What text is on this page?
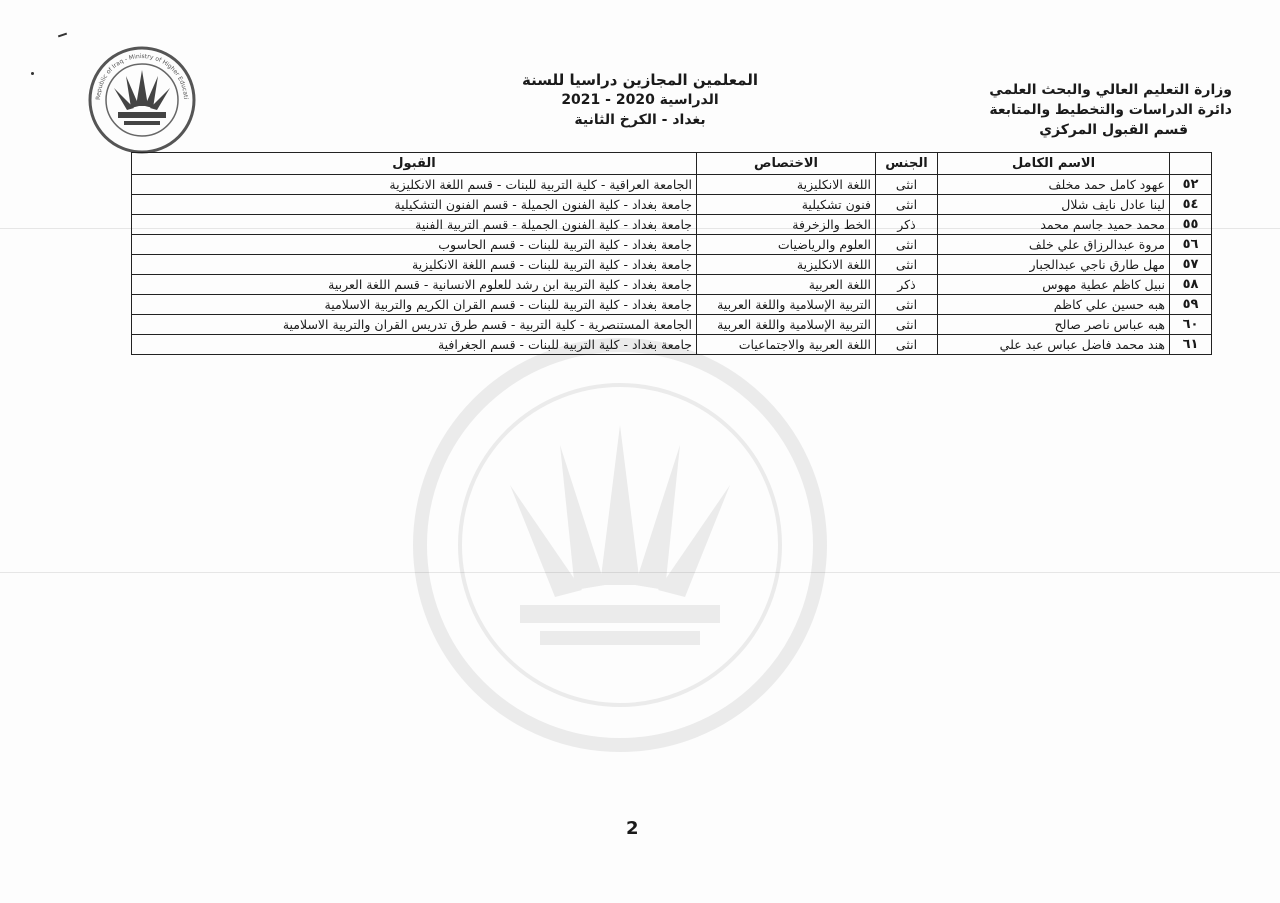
Republic of Iraq - Ministry of Higher Educati
وزارة التعليم العالي والبحث العلمي
دائرة الدراسات والتخطيط والمتابعة
قسم القبول المركزي
المعلمين المجازين دراسيا للسنة
الدراسية 2020 - 2021
بغداد - الكرخ الثانية
	الاسم الكامل	الجنس	الاختصاص	القبول
٥٢	عهود كامل حمد مخلف	انثى	اللغة الانكليزية	الجامعة العراقية - كلية التربية للبنات - قسم اللغة الانكليزية
٥٤	لينا عادل نايف شلال	انثى	فنون تشكيلية	جامعة بغداد - كلية الفنون الجميلة - قسم الفنون التشكيلية
٥٥	محمد حميد جاسم محمد	ذكر	الخط والزخرفة	جامعة بغداد - كلية الفنون الجميلة - قسم التربية الفنية
٥٦	مروة عبدالرزاق علي خلف	انثى	العلوم والرياضيات	جامعة بغداد - كلية التربية للبنات - قسم الحاسوب
٥٧	مهل طارق ناجي عبدالجبار	انثى	اللغة الانكليزية	جامعة بغداد - كلية التربية للبنات - قسم اللغة الانكليزية
٥٨	نبيل كاظم عطية مهوس	ذكر	اللغة العربية	جامعة بغداد - كلية التربية ابن رشد للعلوم الانسانية - قسم اللغة العربية
٥٩	هبه حسين علي كاظم	انثى	التربية الإسلامية واللغة العربية	جامعة بغداد - كلية التربية للبنات - قسم القران الكريم والتربية الاسلامية
٦٠	هبه عباس ناصر صالح	انثى	التربية الإسلامية واللغة العربية	الجامعة المستنصرية - كلية التربية - قسم طرق تدريس القران والتربية الاسلامية
٦١	هند محمد فاضل عباس عبد علي	انثى	اللغة العربية والاجتماعيات	جامعة بغداد - كلية التربية للبنات - قسم الجغرافية
2
